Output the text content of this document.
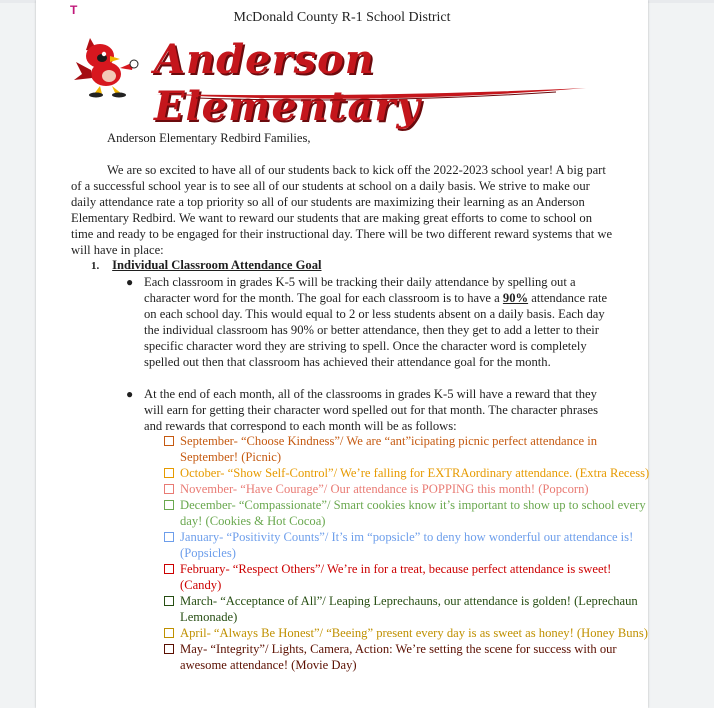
McDonald County R-1 School District
Anderson Elementary
Anderson Elementary Redbird Families,
We are so excited to have all of our students back to kick off the 2022-2023 school year! A big part of a successful school year is to see all of our students at school on a daily basis. We strive to make our daily attendance rate a top priority so all of our students are maximizing their learning as an Anderson Elementary Redbird. We want to reward our students that are making great efforts to come to school on time and ready to be engaged for their instructional day. There will be two different reward systems that we will have in place:
1. Individual Classroom Attendance Goal
● Each classroom in grades K-5 will be tracking their daily attendance by spelling out a character word for the month. The goal for each classroom is to have a 90% attendance rate on each school day. This would equal to 2 or less students absent on a daily basis. Each day the individual classroom has 90% or better attendance, then they get to add a letter to their specific character word they are striving to spell. Once the character word is completely spelled out then that classroom has achieved their attendance goal for the month.
● At the end of each month, all of the classrooms in grades K-5 will have a reward that they will earn for getting their character word spelled out for that month. The character phrases and rewards that correspond to each month will be as follows:
September- “Choose Kindness”/ We are “ant”icipating picnic perfect attendance in September! (Picnic)
October- “Show Self-Control”/ We’re falling for EXTRAordinary attendance. (Extra Recess)
November- “Have Courage”/ Our attendance is POPPING this month! (Popcorn)
December- “Compassionate”/ Smart cookies know it’s important to show up to school every day! (Cookies & Hot Cocoa)
January- “Positivity Counts”/ It’s im “popsicle” to deny how wonderful our attendance is! (Popsicles)
February- “Respect Others”/ We’re in for a treat, because perfect attendance is sweet! (Candy)
March- “Acceptance of All”/ Leaping Leprechauns, our attendance is golden! (Leprechaun Lemonade)
April- “Always Be Honest”/ “Beeing” present every day is as sweet as honey! (Honey Buns)
May- “Integrity”/ Lights, Camera, Action: We’re setting the scene for success with our awesome attendance! (Movie Day)
T
